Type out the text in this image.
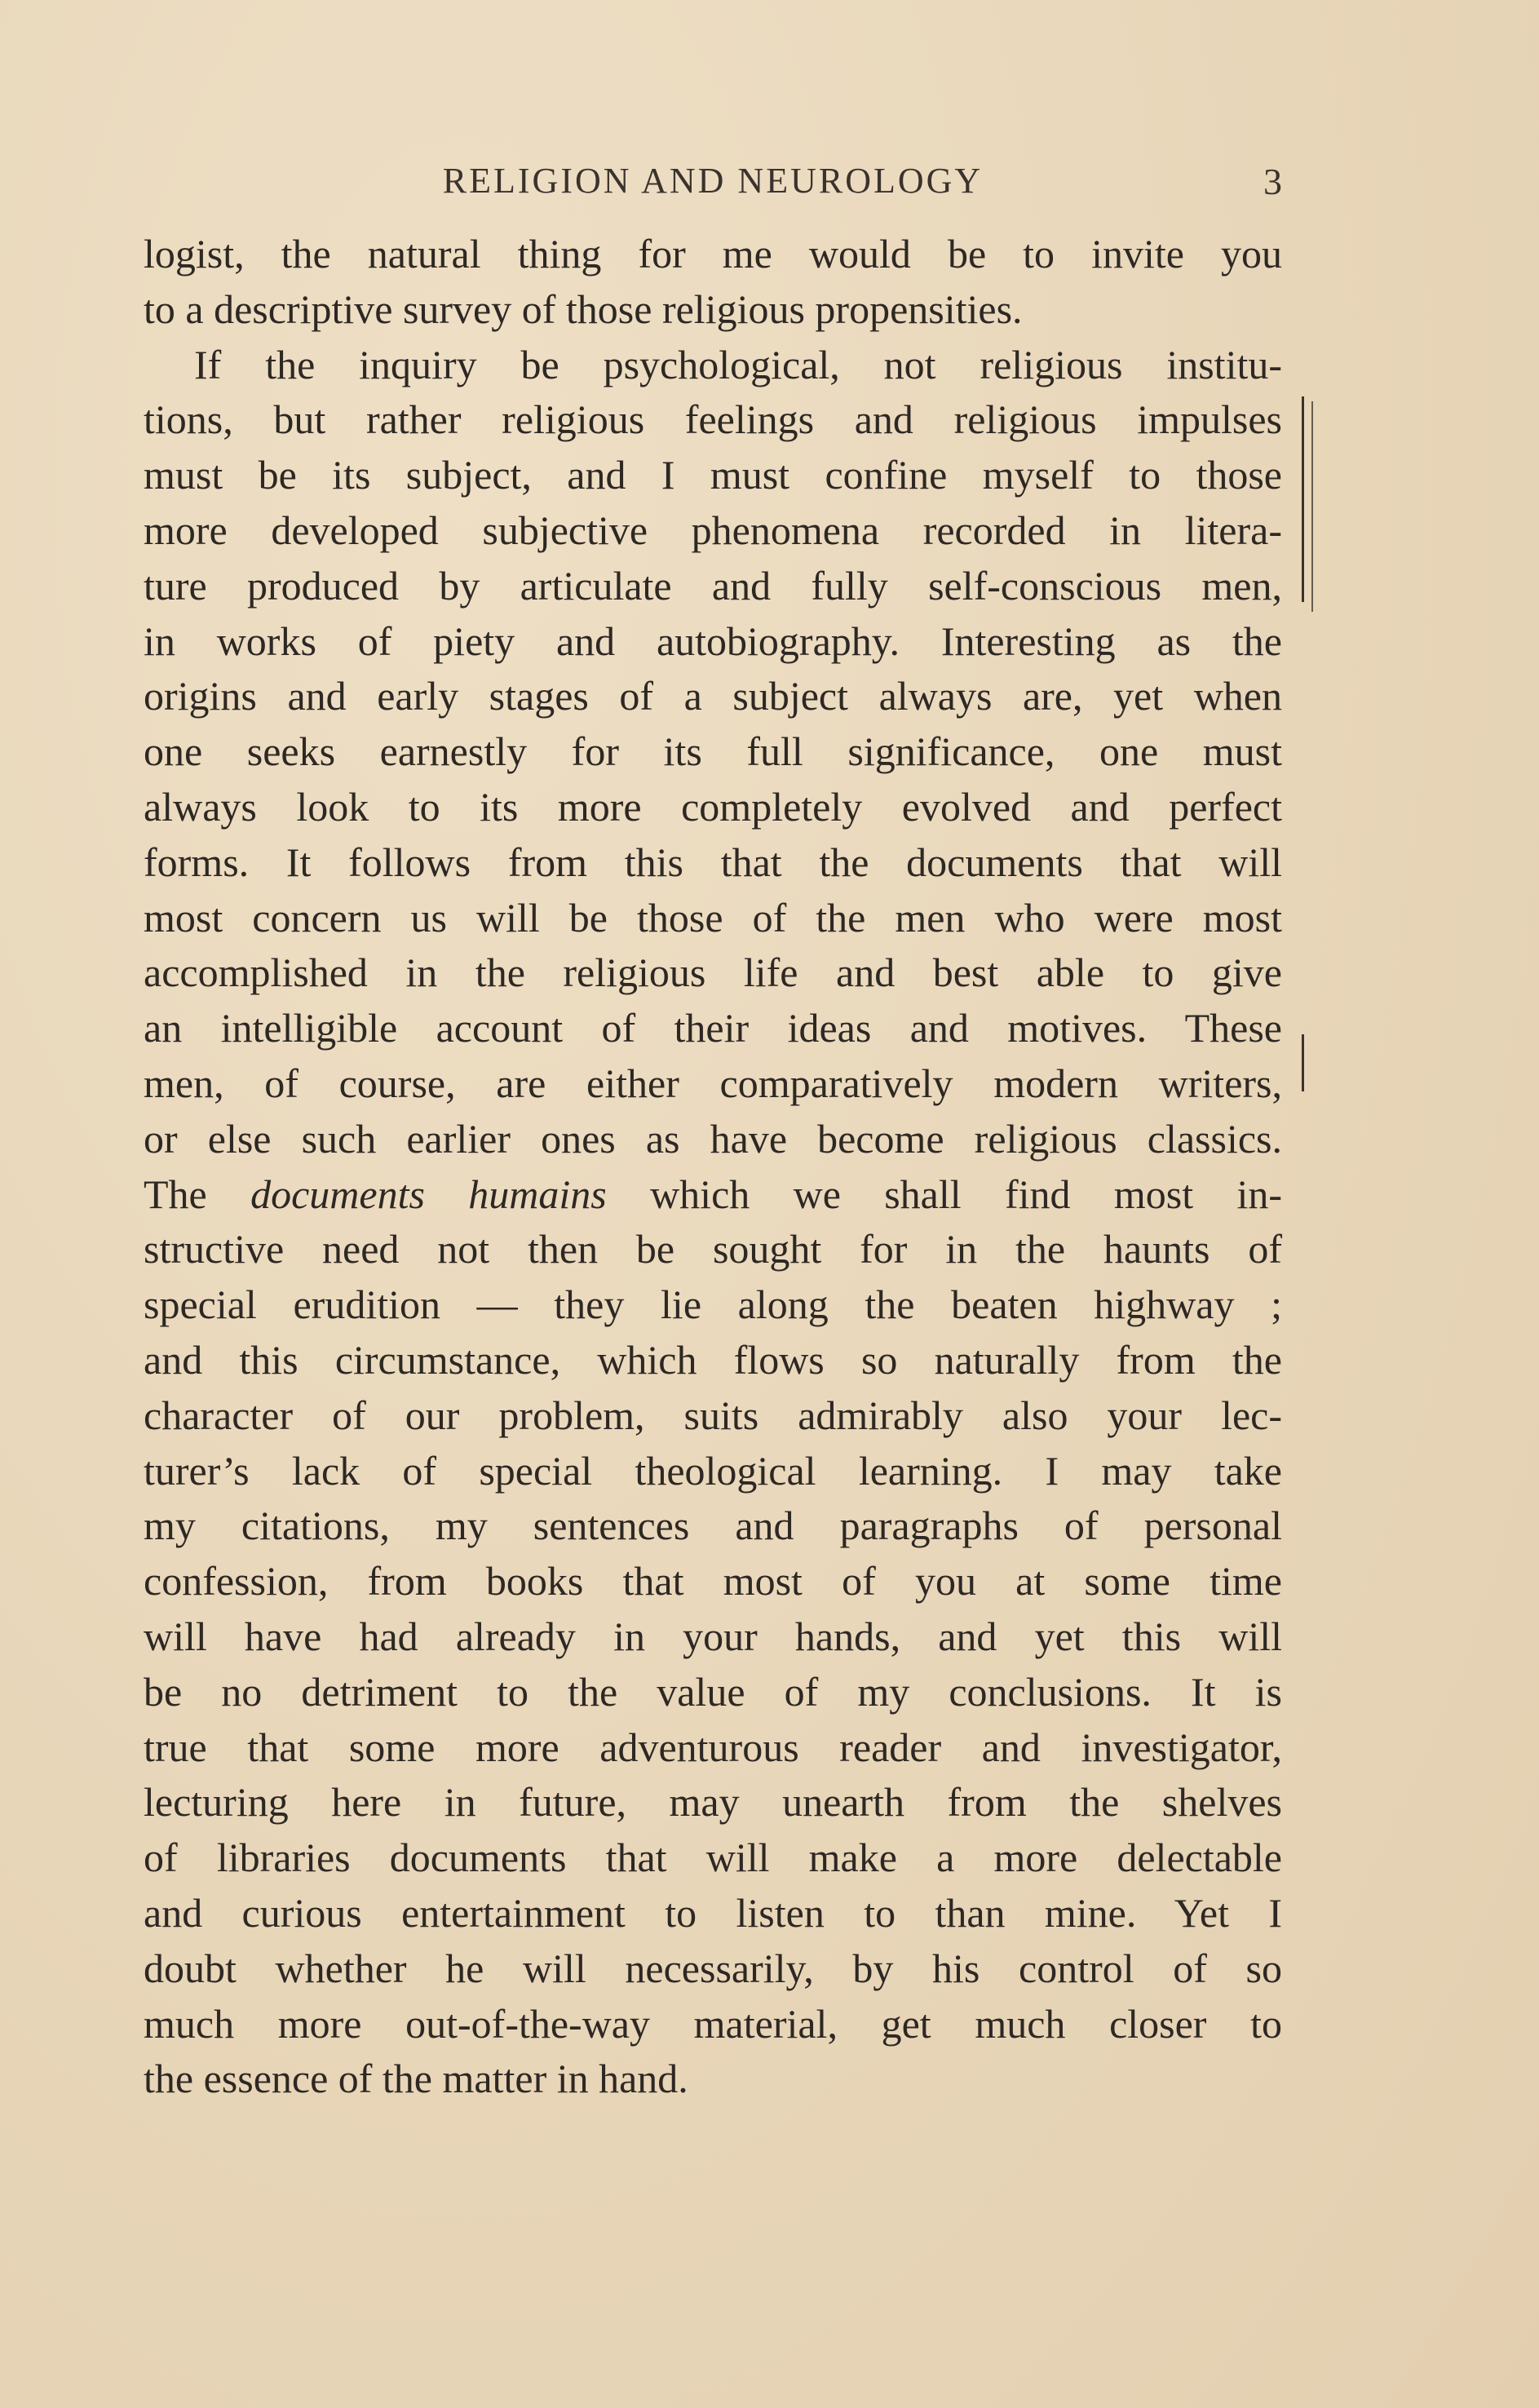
RELIGION AND NEUROLOGY	3
logist, the natural thing for me would be to invite you
to a descriptive survey of those religious propensities.
If the inquiry be psychological, not religious institu-
tions, but rather religious feelings and religious impulses
must be its subject, and I must confine myself to those
more developed subjective phenomena recorded in litera-
ture produced by articulate and fully self-conscious men,
in works of piety and autobiography. Interesting as the
origins and early stages of a subject always are, yet when
one seeks earnestly for its full significance, one must
always look to its more completely evolved and perfect
forms. It follows from this that the documents that will
most concern us will be those of the men who were most
accomplished in the religious life and best able to give
an intelligible account of their ideas and motives. These
men, of course, are either comparatively modern writers,
or else such earlier ones as have become religious classics.
The documents humains which we shall find most in-
structive need not then be sought for in the haunts of
special erudition — they lie along the beaten highway ;
and this circumstance, which flows so naturally from the
character of our problem, suits admirably also your lec-
turer’s lack of special theological learning. I may take
my citations, my sentences and paragraphs of personal
confession, from books that most of you at some time
will have had already in your hands, and yet this will
be no detriment to the value of my conclusions. It is
true that some more adventurous reader and investigator,
lecturing here in future, may unearth from the shelves
of libraries documents that will make a more delectable
and curious entertainment to listen to than mine. Yet I
doubt whether he will necessarily, by his control of so
much more out-of-the-way material, get much closer to
the essence of the matter in hand.
